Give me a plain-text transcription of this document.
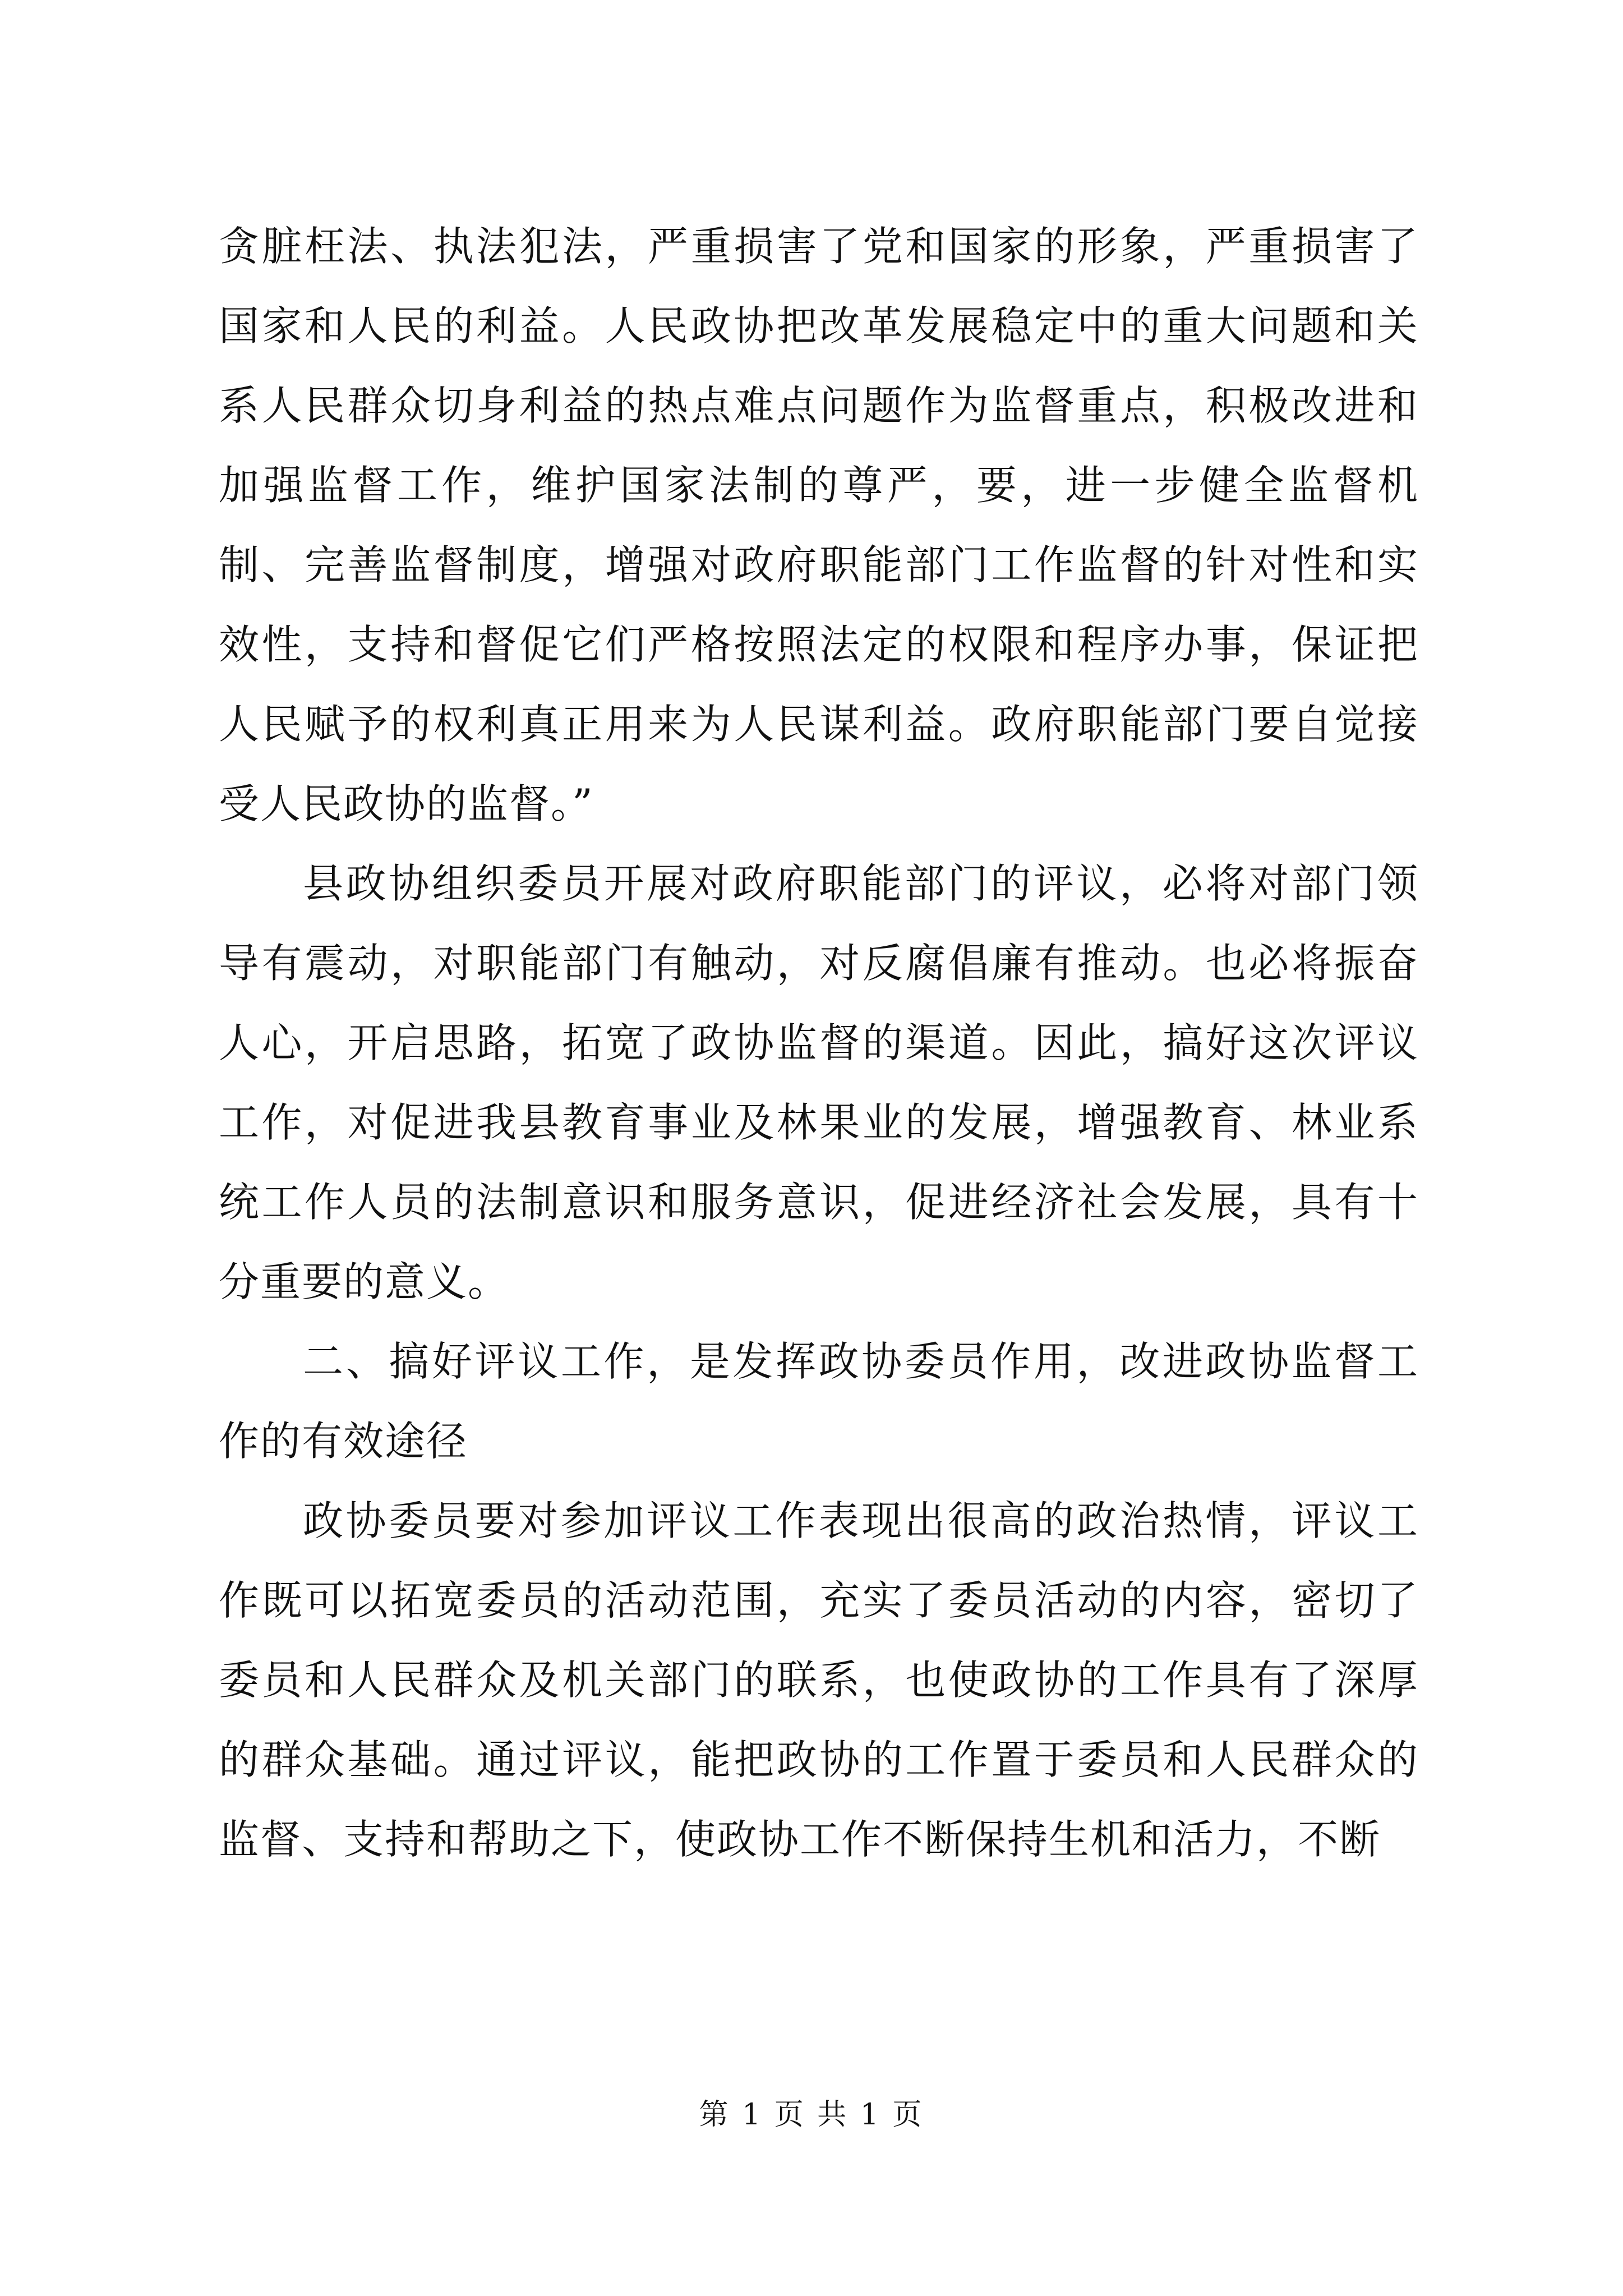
贪脏枉法、执法犯法，严重损害了党和国家的形象，严重损害了国家和人民的利益。人民政协把改革发展稳定中的重大问题和关系人民群众切身利益的热点难点问题作为监督重点，积极改进和加强监督工作，维护国家法制的尊严，要，进一步健全监督机制、完善监督制度，增强对政府职能部门工作监督的针对性和实效性，支持和督促它们严格按照法定的权限和程序办事，保证把人民赋予的权利真正用来为人民谋利益。政府职能部门要自觉接受人民政协的监督。”

县政协组织委员开展对政府职能部门的评议，必将对部门领导有震动，对职能部门有触动，对反腐倡廉有推动。也必将振奋人心，开启思路，拓宽了政协监督的渠道。因此，搞好这次评议工作，对促进我县教育事业及林果业的发展，增强教育、林业系统工作人员的法制意识和服务意识，促进经济社会发展，具有十分重要的意义。

二、搞好评议工作，是发挥政协委员作用，改进政协监督工作的有效途径

政协委员要对参加评议工作表现出很高的政治热情，评议工作既可以拓宽委员的活动范围，充实了委员活动的内容，密切了委员和人民群众及机关部门的联系，也使政协的工作具有了深厚的群众基础。通过评议，能把政协的工作置于委员和人民群众的监督、支持和帮助之下，使政协工作不断保持生机和活力，不断

第 1 页 共 1 页
